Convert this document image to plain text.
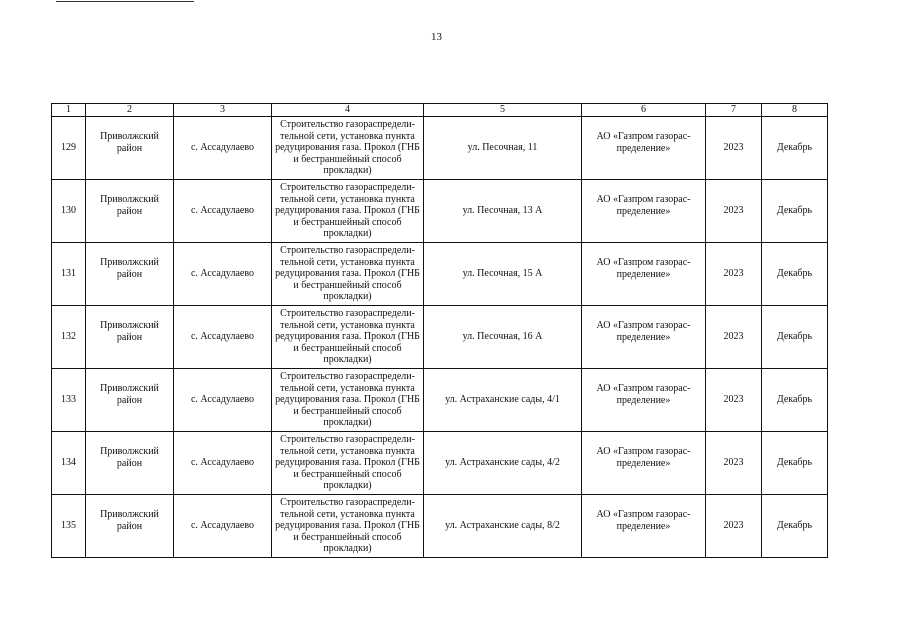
13
1	2	3	4	5	6	7	8
129	Приволжский район	с. Ассадулаево	Строительство газораспредели-тельной сети, установка пункта редуцирования газа. Прокол (ГНБ и бестраншейный способ прокладки)	ул. Песочная, 11	АО «Газпром газорас-пределение»	2023	Декабрь
130	Приволжский район	с. Ассадулаево	Строительство газораспредели-тельной сети, установка пункта редуцирования газа. Прокол (ГНБ и бестраншейный способ прокладки)	ул. Песочная, 13 А	АО «Газпром газорас-пределение»	2023	Декабрь
131	Приволжский район	с. Ассадулаево	Строительство газораспредели-тельной сети, установка пункта редуцирования газа. Прокол (ГНБ и бестраншейный способ прокладки)	ул. Песочная, 15 А	АО «Газпром газорас-пределение»	2023	Декабрь
132	Приволжский район	с. Ассадулаево	Строительство газораспредели-тельной сети, установка пункта редуцирования газа. Прокол (ГНБ и бестраншейный способ прокладки)	ул. Песочная, 16 А	АО «Газпром газорас-пределение»	2023	Декабрь
133	Приволжский район	с. Ассадулаево	Строительство газораспредели-тельной сети, установка пункта редуцирования газа. Прокол (ГНБ и бестраншейный способ прокладки)	ул. Астраханские сады, 4/1	АО «Газпром газорас-пределение»	2023	Декабрь
134	Приволжский район	с. Ассадулаево	Строительство газораспредели-тельной сети, установка пункта редуцирования газа. Прокол (ГНБ и бестраншейный способ прокладки)	ул. Астраханские сады, 4/2	АО «Газпром газорас-пределение»	2023	Декабрь
135	Приволжский район	с. Ассадулаево	Строительство газораспредели-тельной сети, установка пункта редуцирования газа. Прокол (ГНБ и бестраншейный способ прокладки)	ул. Астраханские сады, 8/2	АО «Газпром газорас-пределение»	2023	Декабрь
